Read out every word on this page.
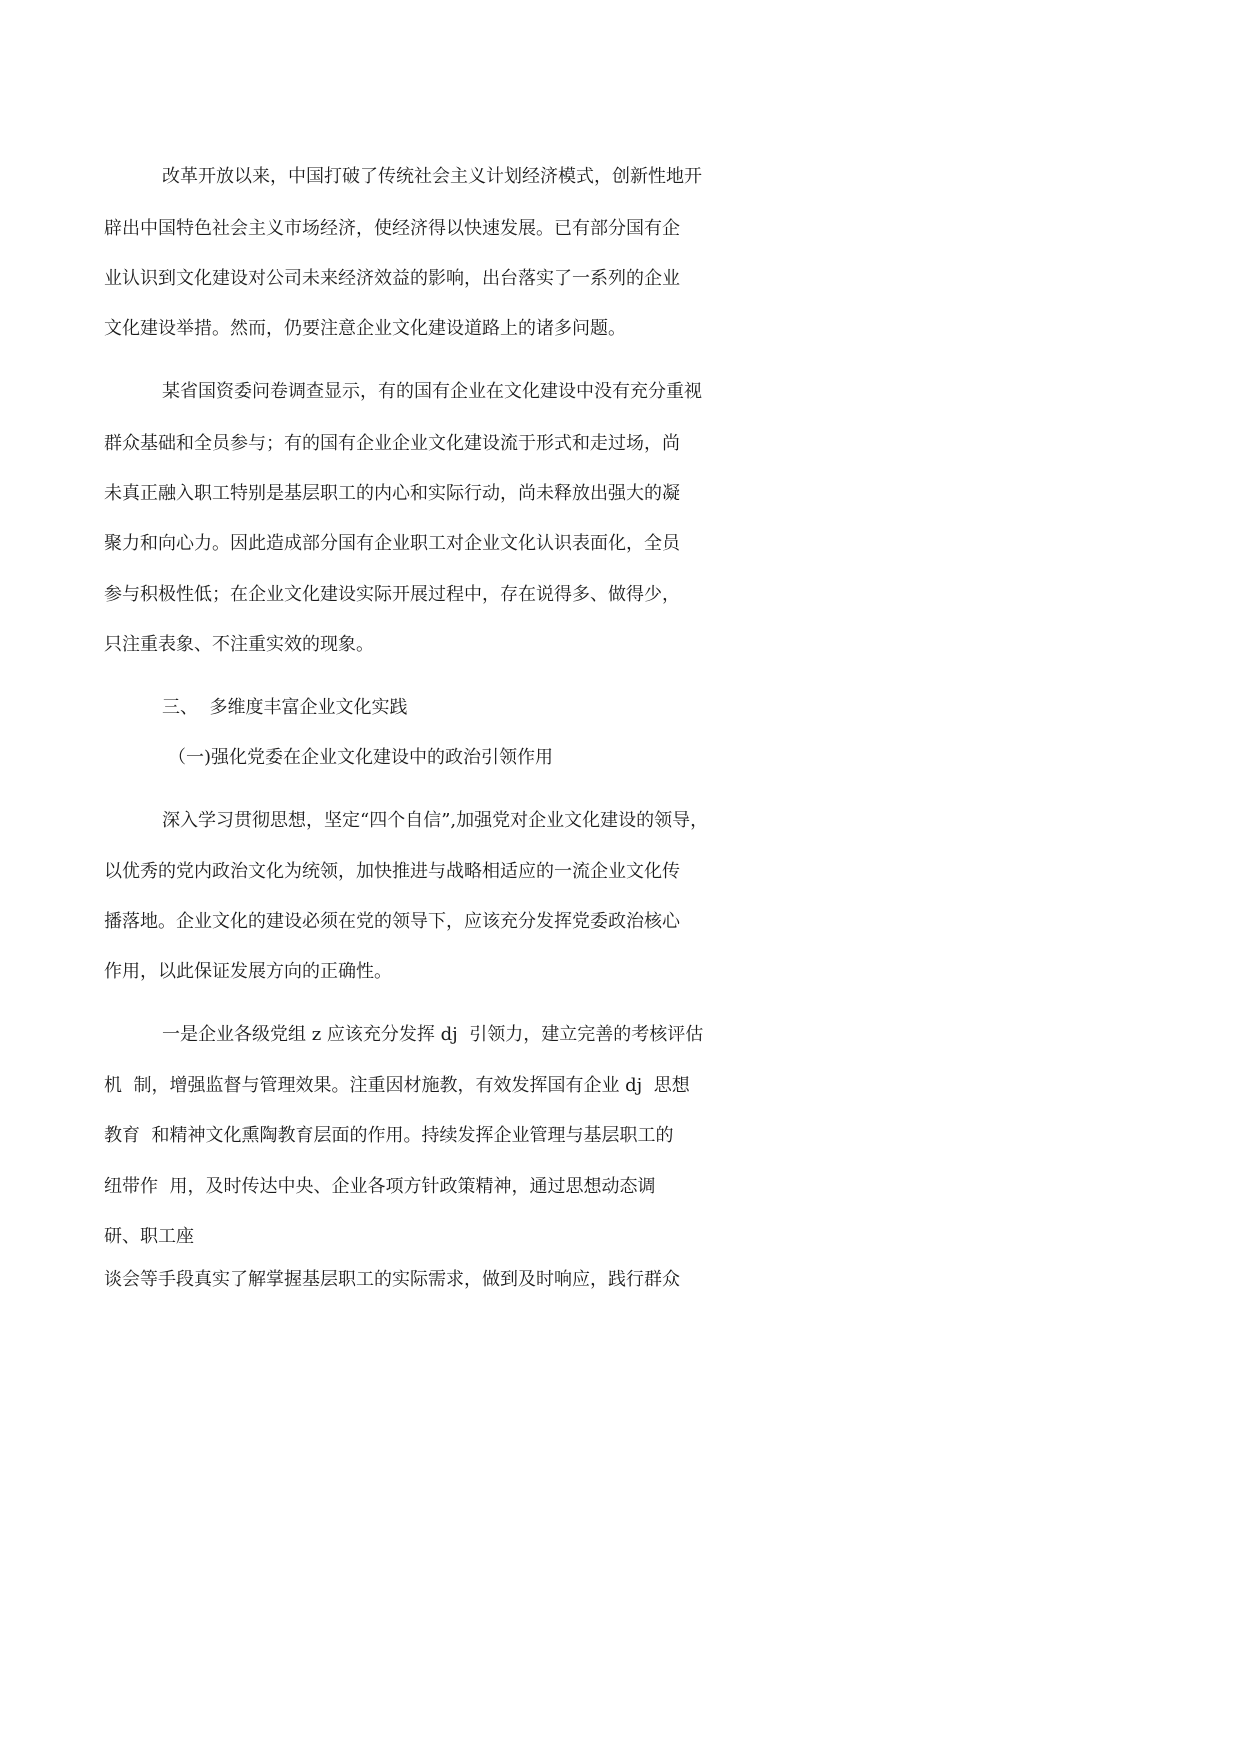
改革开放以来，中国打破了传统社会主义计划经济模式，创新性地开
辟出中国特色社会主义市场经济，使经济得以快速发展。已有部分国有企
业认识到文化建设对公司未来经济效益的影响，出台落实了一系列的企业
文化建设举措。然而，仍要注意企业文化建设道路上的诸多问题。
某省国资委问卷调查显示，有的国有企业在文化建设中没有充分重视
群众基础和全员参与；有的国有企业企业文化建设流于形式和走过场，尚
未真正融入职工特别是基层职工的内心和实际行动，尚未释放出强大的凝
聚力和向心力。因此造成部分国有企业职工对企业文化认识表面化，全员
参与积极性低；在企业文化建设实际开展过程中，存在说得多、做得少，
只注重表象、不注重实效的现象。
三、  多维度丰富企业文化实践
（一)强化党委在企业文化建设中的政治引领作用
深入学习贯彻思想，坚定“四个自信”,加强党对企业文化建设的领导，
以优秀的党内政治文化为统领，加快推进与战略相适应的一流企业文化传
播落地。企业文化的建设必须在党的领导下，应该充分发挥党委政治核心
作用，以此保证发展方向的正确性。
一是企业各级党组 z 应该充分发挥 dj  引领力，建立完善的考核评估
机  制，增强监督与管理效果。注重因材施教，有效发挥国有企业 dj  思想
教育  和精神文化熏陶教育层面的作用。持续发挥企业管理与基层职工的
纽带作  用，及时传达中央、企业各项方针政策精神，通过思想动态调
研、职工座
谈会等手段真实了解掌握基层职工的实际需求，做到及时响应，践行群众
